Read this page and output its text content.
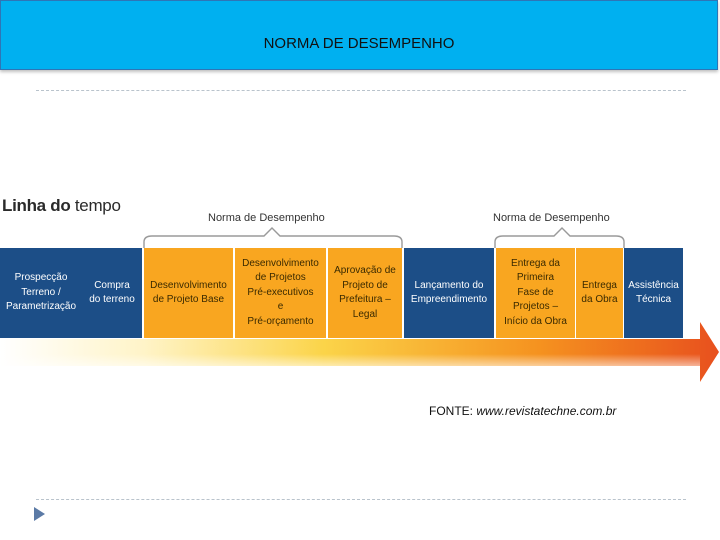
NORMA DE DESEMPENHO
Linha do tempo
Norma de Desempenho	Norma de Desempenho
Prospecção
Terreno /
Parametrização
Compra
do terreno
Desenvolvimento
de Projeto Base
Desenvolvimento
de Projetos
Pré-executivos
e
Pré-orçamento
Aprovação de
Projeto de
Prefeitura –
Legal
Lançamento do
Empreendimento
Entrega da
Primeira
Fase de
Projetos –
Início da Obra
Entrega
da Obra
Assistência
Técnica
FONTE: www.revistatechne.com.br
